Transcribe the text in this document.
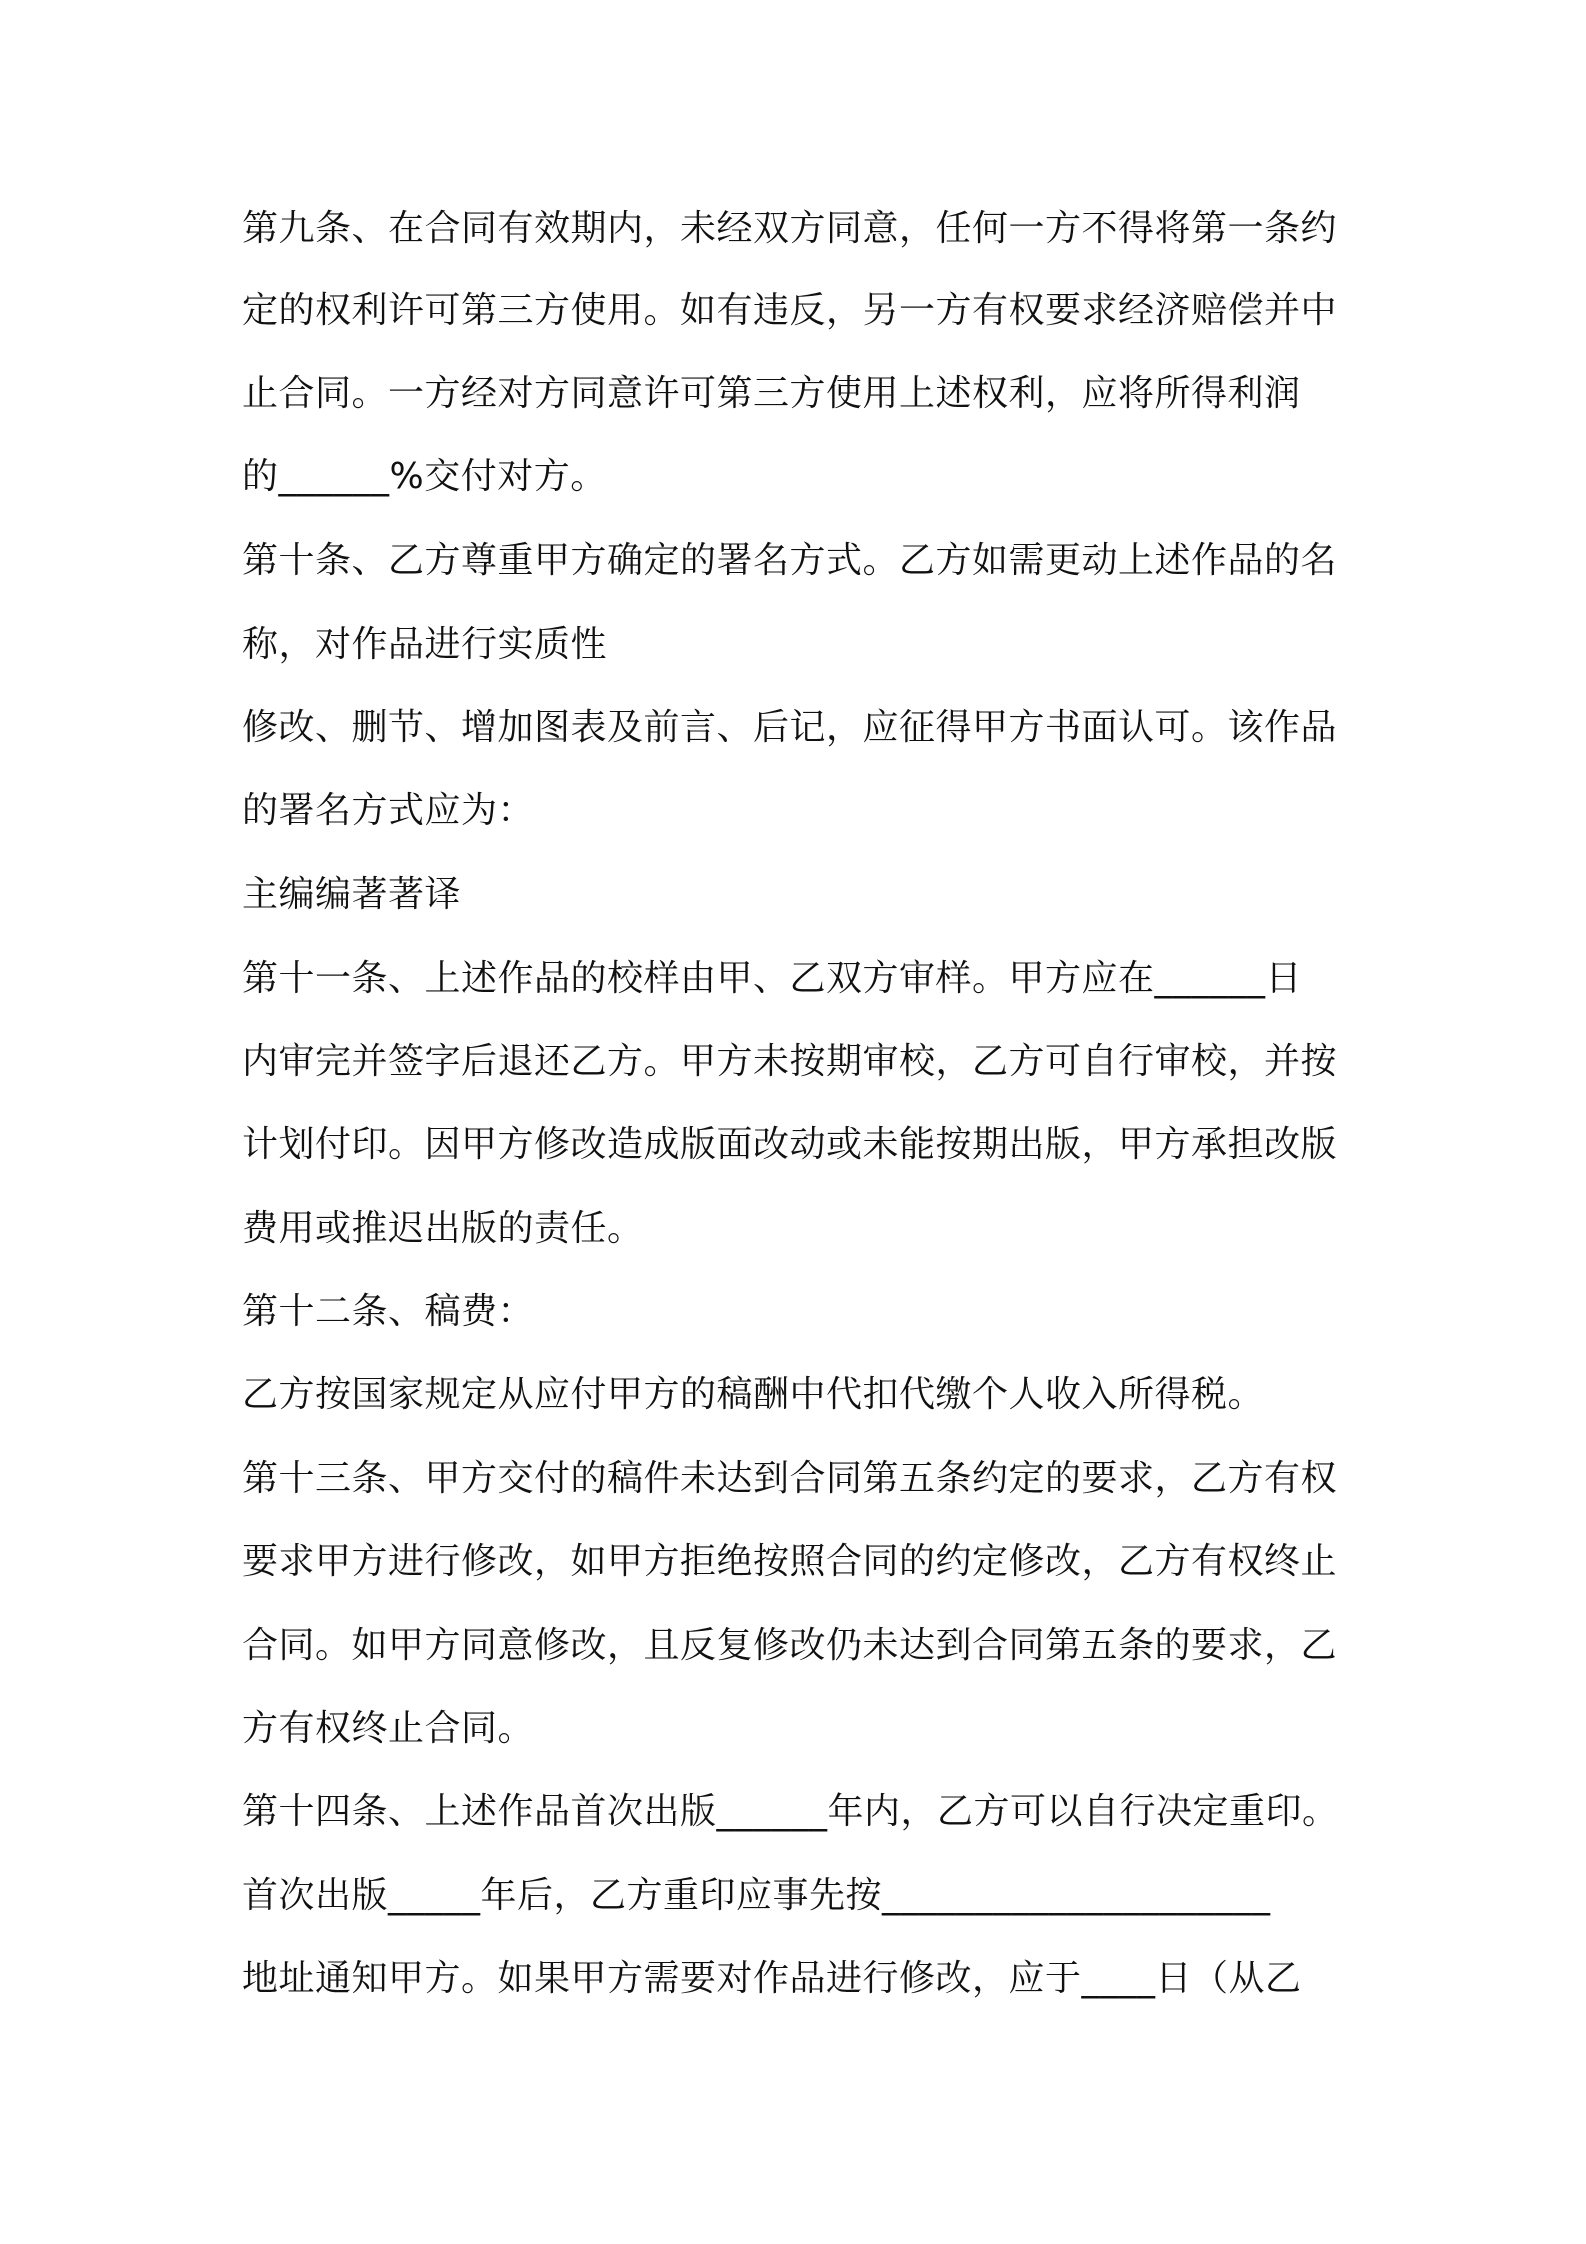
第九条、在合同有效期内，未经双方同意，任何一方不得将第一条约
定的权利许可第三方使用。如有违反，另一方有权要求经济赔偿并中
止合同。一方经对方同意许可第三方使用上述权利，应将所得利润
的______%交付对方。
第十条、乙方尊重甲方确定的署名方式。乙方如需更动上述作品的名
称，对作品进行实质性
修改、删节、增加图表及前言、后记，应征得甲方书面认可。该作品
的署名方式应为：
主编编著著译
第十一条、上述作品的校样由甲、乙双方审样。甲方应在______日
内审完并签字后退还乙方。甲方未按期审校，乙方可自行审校，并按
计划付印。因甲方修改造成版面改动或未能按期出版，甲方承担改版
费用或推迟出版的责任。
第十二条、稿费：
乙方按国家规定从应付甲方的稿酬中代扣代缴个人收入所得税。
第十三条、甲方交付的稿件未达到合同第五条约定的要求，乙方有权
要求甲方进行修改，如甲方拒绝按照合同的约定修改，乙方有权终止
合同。如甲方同意修改，且反复修改仍未达到合同第五条的要求，乙
方有权终止合同。
第十四条、上述作品首次出版______年内，乙方可以自行决定重印。
首次出版_____年后，乙方重印应事先按_____________________
地址通知甲方。如果甲方需要对作品进行修改，应于____日（从乙
